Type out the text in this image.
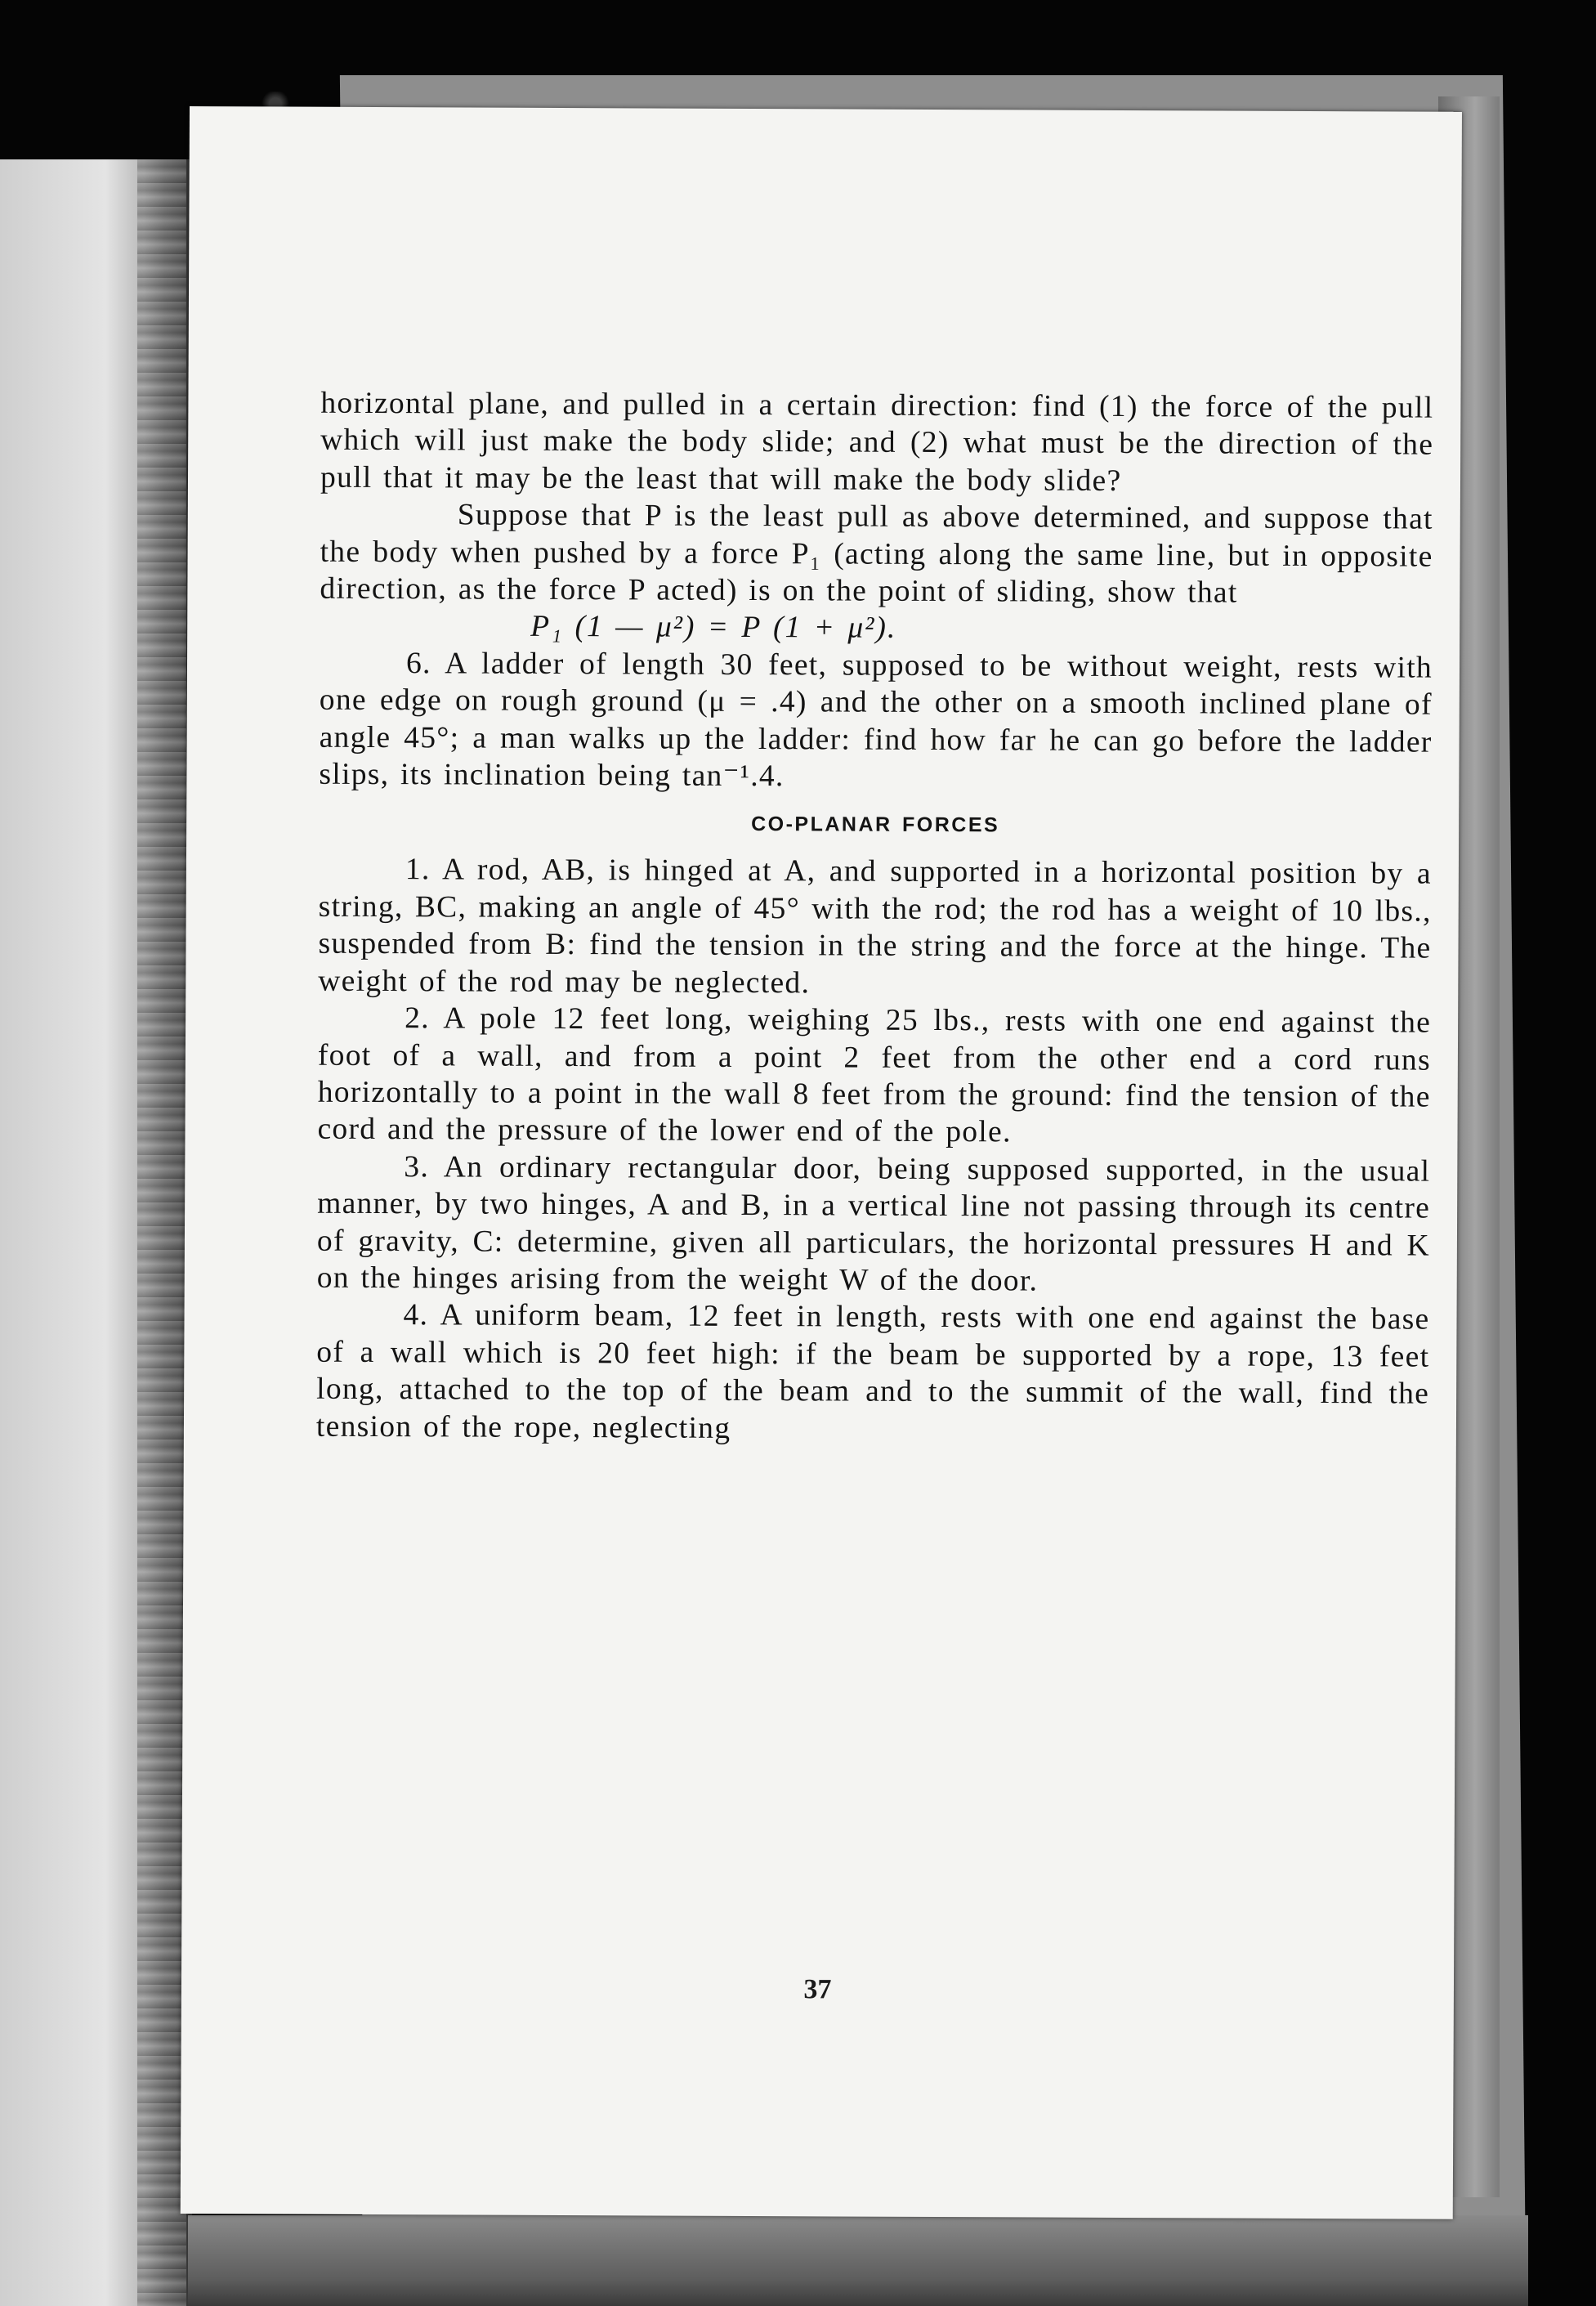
horizontal plane, and pulled in a certain direction: find (1) the force of the pull which will just make the body slide; and (2) what must be the direction of the pull that it may be the least that will make the body slide?

Suppose that P is the least pull as above determined, and suppose that the body when pushed by a force P₁ (acting along the same line, but in opposite direction, as the force P acted) is on the point of sliding, show that

P₁ (1 — μ²) = P (1 + μ²).

6. A ladder of length 30 feet, supposed to be without weight, rests with one edge on rough ground (μ = .4) and the other on a smooth inclined plane of angle 45°; a man walks up the ladder: find how far he can go before the ladder slips, its inclination being tan⁻¹.4.

CO-PLANAR FORCES

1. A rod, AB, is hinged at A, and supported in a horizontal position by a string, BC, making an angle of 45° with the rod; the rod has a weight of 10 lbs., suspended from B: find the tension in the string and the force at the hinge. The weight of the rod may be neglected.

2. A pole 12 feet long, weighing 25 lbs., rests with one end against the foot of a wall, and from a point 2 feet from the other end a cord runs horizontally to a point in the wall 8 feet from the ground: find the tension of the cord and the pressure of the lower end of the pole.

3. An ordinary rectangular door, being supposed supported, in the usual manner, by two hinges, A and B, in a vertical line not passing through its centre of gravity, C: determine, given all particulars, the horizontal pressures H and K on the hinges arising from the weight W of the door.

4. A uniform beam, 12 feet in length, rests with one end against the base of a wall which is 20 feet high: if the beam be supported by a rope, 13 feet long, attached to the top of the beam and to the summit of the wall, find the tension of the rope, neglecting

37
